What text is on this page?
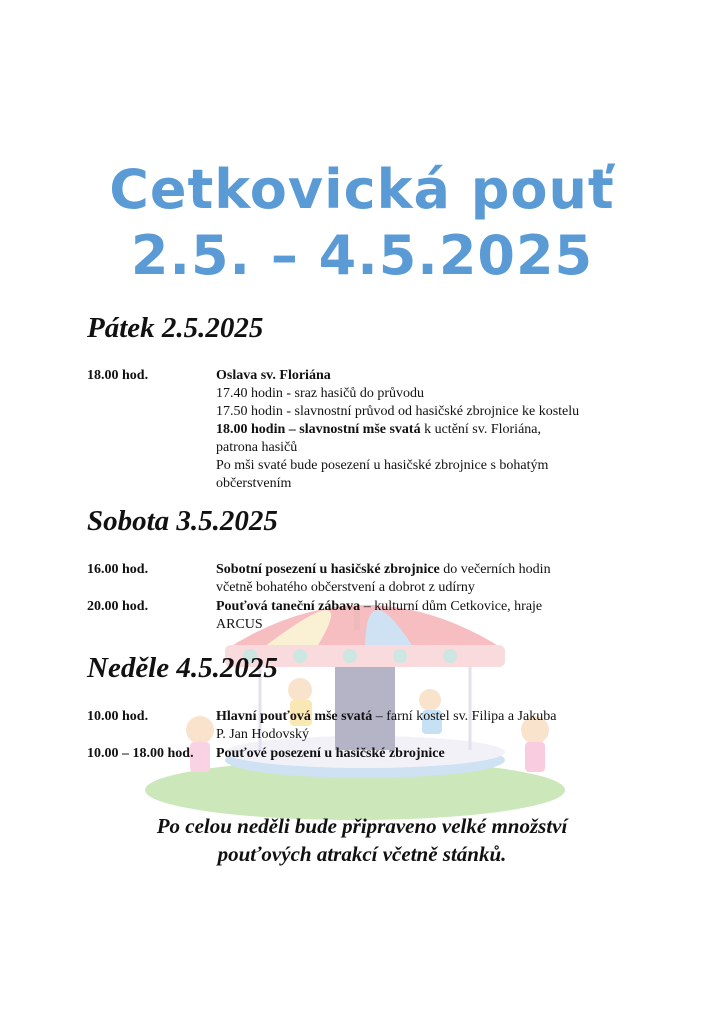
Cetkovická pouť
2.5. – 4.5.2025
Pátek 2.5.2025
18.00 hod.	Oslava sv. Floriána
17.40 hodin - sraz hasičů do průvodu
17.50 hodin - slavnostní průvod od hasičské zbrojnice ke kostelu
18.00 hodin – slavnostní mše svatá k uctění sv. Floriána,
patrona hasičů
Po mši svaté bude posezení u hasičské zbrojnice s bohatým
občerstvením
Sobota 3.5.2025
16.00 hod.	Sobotní posezení u hasičské zbrojnice do večerních hodin
včetně bohatého občerstvení a dobrot z udírny
20.00 hod.	Pouťová taneční zábava – kulturní dům Cetkovice, hraje
ARCUS
Neděle 4.5.2025
10.00 hod.	Hlavní pouťová mše svatá – farní kostel sv. Filipa a Jakuba
P. Jan Hodovský
10.00 – 18.00 hod. Pouťové posezení u hasičské zbrojnice
Po celou neděli bude připraveno velké množství
pouťových atrakcí včetně stánků.
